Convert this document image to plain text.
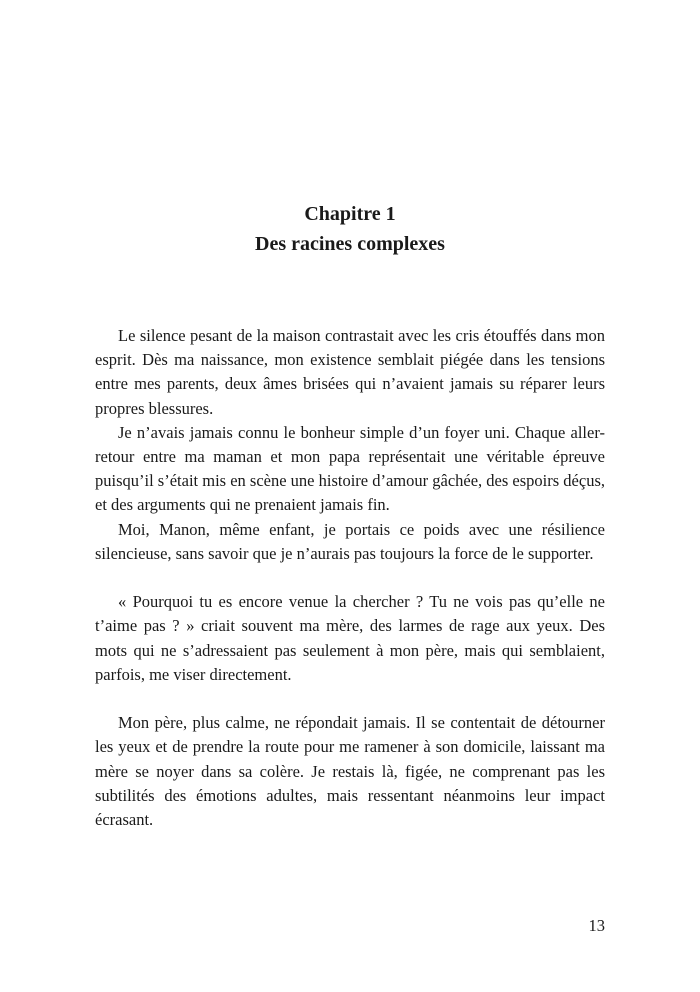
Chapitre 1
Des racines complexes

Le silence pesant de la maison contrastait avec les cris étouffés dans mon esprit. Dès ma naissance, mon existence semblait piégée dans les tensions entre mes parents, deux âmes brisées qui n’avaient jamais su réparer leurs propres blessures.

Je n’avais jamais connu le bonheur simple d’un foyer uni. Chaque aller-retour entre ma maman et mon papa représentait une véritable épreuve puisqu’il s’était mis en scène une histoire d’amour gâchée, des espoirs déçus, et des arguments qui ne prenaient jamais fin.

Moi, Manon, même enfant, je portais ce poids avec une résilience silencieuse, sans savoir que je n’aurais pas toujours la force de le supporter.

« Pourquoi tu es encore venue la chercher ? Tu ne vois pas qu’elle ne t’aime pas ? » criait souvent ma mère, des larmes de rage aux yeux. Des mots qui ne s’adressaient pas seulement à mon père, mais qui semblaient, parfois, me viser directement.

Mon père, plus calme, ne répondait jamais. Il se contentait de détourner les yeux et de prendre la route pour me ramener à son domicile, laissant ma mère se noyer dans sa colère. Je restais là, figée, ne comprenant pas les subtilités des émotions adultes, mais ressentant néanmoins leur impact écrasant.

13
